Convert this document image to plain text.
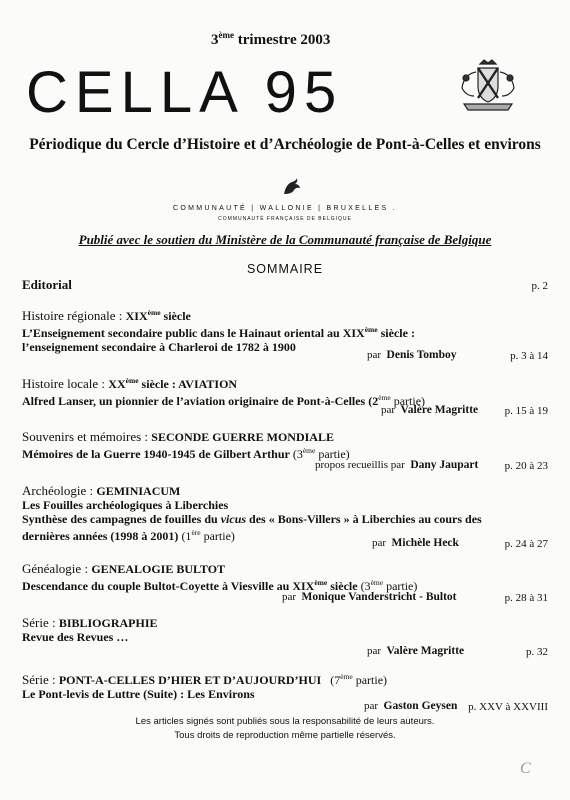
3ème trimestre 2003
CELLA 95
Périodique du Cercle d’Histoire et d’Archéologie de Pont-à-Celles et environs
COMMUNAUTÉ | WALLONIE | BRUXELLES .
COMMUNAUTÉ FRANÇAISE DE BELGIQUE
Publié avec le soutien du Ministère de la Communauté française de Belgique
SOMMAIRE
Editorial	p. 2
Histoire régionale : XIXème siècle
L’Enseignement secondaire public dans le Hainaut oriental au XIXème siècle :
l’enseignement secondaire à Charleroi de 1782 à 1900
par Denis Tomboy	p. 3 à 14
Histoire locale : XXème siècle : AVIATION
Alfred Lanser, un pionnier de l’aviation originaire de Pont-à-Celles (2ème partie)
par Valère Magritte p. 15 à 19
Souvenirs et mémoires : SECONDE GUERRE MONDIALE
Mémoires de la Guerre 1940-1945 de Gilbert Arthur (3ème partie)
propos recueillis par Dany Jaupart p. 20 à 23
Archéologie : GEMINIACUM
Les Fouilles archéologiques à Liberchies
Synthèse des campagnes de fouilles du vicus des « Bons-Villers » à Liberchies au cours des
dernières années (1998 à 2001) (1ère partie)	par Michèle Heck	p. 24 à 27
Généalogie : GENEALOGIE BULTOT
Descendance du couple Bultot-Coyette à Viesville au XIXème siècle (3ème partie)
par Monique Vanderstricht - Bultot	p. 28 à 31
Série : BIBLIOGRAPHIE
Revue des Revues …
par Valère Magritte	p. 32
Série : PONT-A-CELLES D’HIER ET D’AUJOURD’HUI   (7ème partie)
Le Pont-levis de Luttre (Suite) : Les Environs
par Gaston Geysen p. XXV à XXVIII
Les articles signés sont publiés sous la responsabilité de leurs auteurs.
Tous droits de reproduction même partielle réservés.
C
